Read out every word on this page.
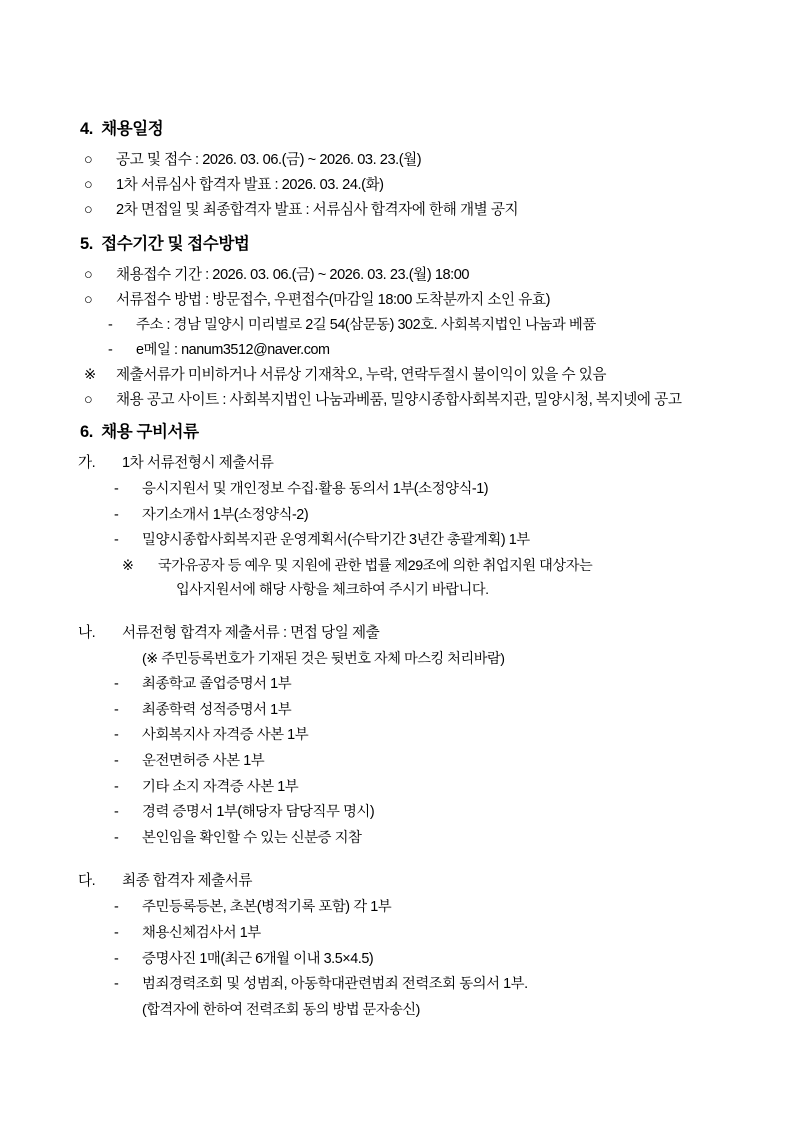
4. 채용일정
○ 공고 및 접수 : 2026. 03. 06.(금) ~ 2026. 03. 23.(월)
○ 1차 서류심사 합격자 발표 : 2026. 03. 24.(화)
○ 2차 면접일 및 최종합격자 발표 : 서류심사 합격자에 한해 개별 공지
5. 접수기간 및 접수방법
○ 채용접수 기간 : 2026. 03. 06.(금) ~ 2026. 03. 23.(월) 18:00
○ 서류접수 방법 : 방문접수, 우편접수(마감일 18:00 도착분까지 소인 유효)
- 주소 : 경남 밀양시 미리벌로 2길 54(삼문동) 302호. 사회복지법인 나눔과 베품
- e메일 : nanum3512@naver.com
※ 제출서류가 미비하거나 서류상 기재착오, 누락, 연락두절시 불이익이 있을 수 있음
○ 채용 공고 사이트 : 사회복지법인 나눔과베품, 밀양시종합사회복지관, 밀양시청, 복지넷에 공고
6. 채용 구비서류
가. 1차 서류전형시 제출서류
- 응시지원서 및 개인정보 수집·활용 동의서 1부(소정양식-1)
- 자기소개서 1부(소정양식-2)
- 밀양시종합사회복지관 운영계획서(수탁기간 3년간 총괄계획) 1부
※ 국가유공자 등 예우 및 지원에 관한 법률 제29조에 의한 취업지원 대상자는
입사지원서에 해당 사항을 체크하여 주시기 바랍니다.
나. 서류전형 합격자 제출서류 : 면접 당일 제출
(※ 주민등록번호가 기재된 것은 뒷번호 자체 마스킹 처리바람)
- 최종학교 졸업증명서 1부
- 최종학력 성적증명서 1부
- 사회복지사 자격증 사본 1부
- 운전면허증 사본 1부
- 기타 소지 자격증 사본 1부
- 경력 증명서 1부(해당자 담당직무 명시)
- 본인임을 확인할 수 있는 신분증 지참
다. 최종 합격자 제출서류
- 주민등록등본, 초본(병적기록 포함) 각 1부
- 채용신체검사서 1부
- 증명사진 1매(최근 6개월 이내 3.5×4.5)
- 범죄경력조회 및 성범죄, 아동학대관련범죄 전력조회 동의서 1부.
(합격자에 한하여 전력조회 동의 방법 문자송신)
